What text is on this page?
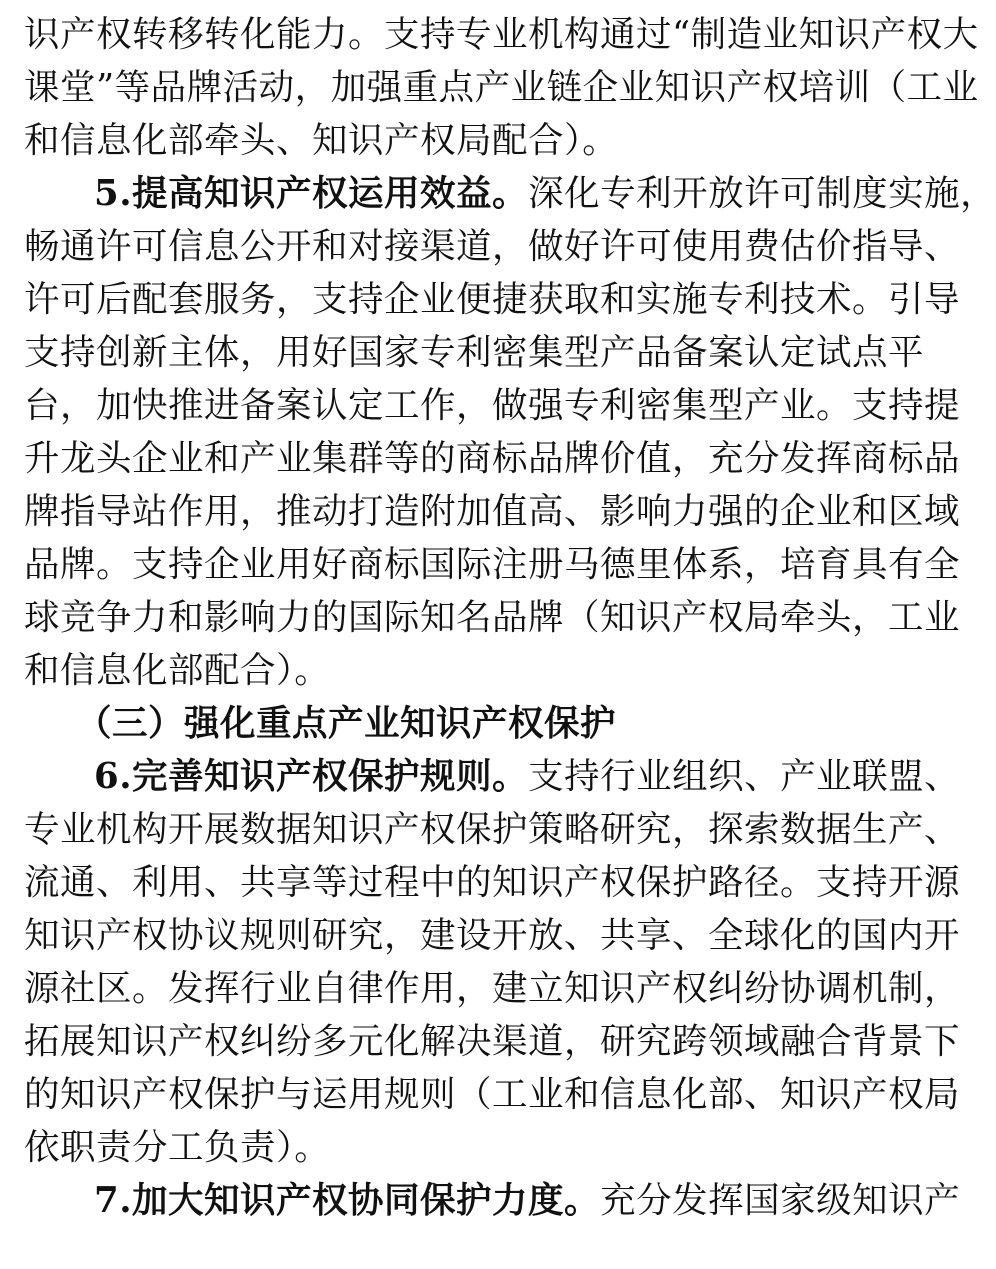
识产权转移转化能力。支持专业机构通过“制造业知识产权大
课堂”等品牌活动，加强重点产业链企业知识产权培训（工业
和信息化部牵头、知识产权局配合）。
5.提高知识产权运用效益。深化专利开放许可制度实施，
畅通许可信息公开和对接渠道，做好许可使用费估价指导、
许可后配套服务，支持企业便捷获取和实施专利技术。引导
支持创新主体，用好国家专利密集型产品备案认定试点平
台，加快推进备案认定工作，做强专利密集型产业。支持提
升龙头企业和产业集群等的商标品牌价值，充分发挥商标品
牌指导站作用，推动打造附加值高、影响力强的企业和区域
品牌。支持企业用好商标国际注册马德里体系，培育具有全
球竞争力和影响力的国际知名品牌（知识产权局牵头，工业
和信息化部配合）。
（三）强化重点产业知识产权保护
6.完善知识产权保护规则。支持行业组织、产业联盟、
专业机构开展数据知识产权保护策略研究，探索数据生产、
流通、利用、共享等过程中的知识产权保护路径。支持开源
知识产权协议规则研究，建设开放、共享、全球化的国内开
源社区。发挥行业自律作用，建立知识产权纠纷协调机制，
拓展知识产权纠纷多元化解决渠道，研究跨领域融合背景下
的知识产权保护与运用规则（工业和信息化部、知识产权局
依职责分工负责）。
7.加大知识产权协同保护力度。充分发挥国家级知识产
